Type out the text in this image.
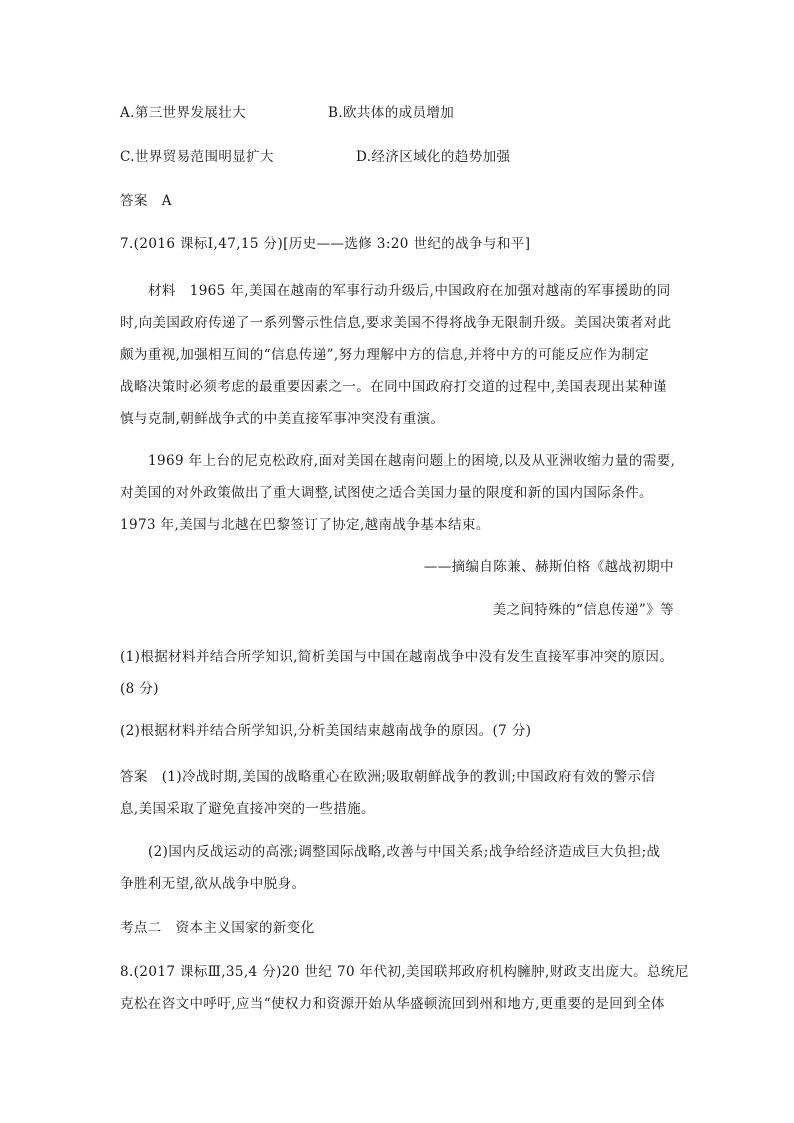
A.第三世界发展壮大	B.欧共体的成员增加
C.世界贸易范围明显扩大	D.经济区域化的趋势加强
答案　A
7.(2016 课标Ⅰ,47,15 分)[历史——选修 3:20 世纪的战争与和平]
材料　1965 年,美国在越南的军事行动升级后,中国政府在加强对越南的军事援助的同
时,向美国政府传递了一系列警示性信息,要求美国不得将战争无限制升级。美国决策者对此
颇为重视,加强相互间的“信息传递”,努力理解中方的信息,并将中方的可能反应作为制定
战略决策时必须考虑的最重要因素之一。在同中国政府打交道的过程中,美国表现出某种谨
慎与克制,朝鲜战争式的中美直接军事冲突没有重演。
1969 年上台的尼克松政府,面对美国在越南问题上的困境,以及从亚洲收缩力量的需要,
对美国的对外政策做出了重大调整,试图使之适合美国力量的限度和新的国内国际条件。
1973 年,美国与北越在巴黎签订了协定,越南战争基本结束。
——摘编自陈兼、赫斯伯格《越战初期中
美之间特殊的“信息传递”》等
(1)根据材料并结合所学知识,简析美国与中国在越南战争中没有发生直接军事冲突的原因。
(8 分)
(2)根据材料并结合所学知识,分析美国结束越南战争的原因。(7 分)
答案　(1)冷战时期,美国的战略重心在欧洲;吸取朝鲜战争的教训;中国政府有效的警示信
息,美国采取了避免直接冲突的一些措施。
(2)国内反战运动的高涨;调整国际战略,改善与中国关系;战争给经济造成巨大负担;战
争胜利无望,欲从战争中脱身。
考点二　资本主义国家的新变化
8.(2017 课标Ⅲ,35,4 分)20 世纪 70 年代初,美国联邦政府机构臃肿,财政支出庞大。总统尼
克松在咨文中呼吁,应当“使权力和资源开始从华盛顿流回到州和地方,更重要的是回到全体
